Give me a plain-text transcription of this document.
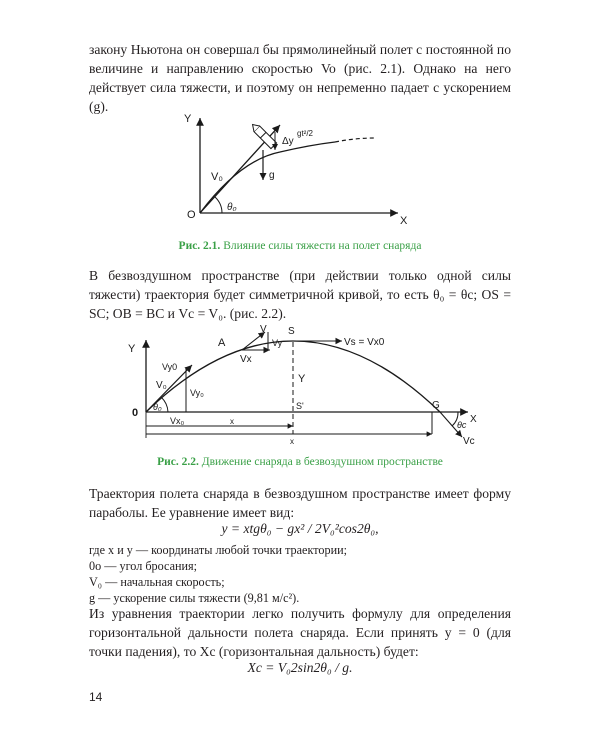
закону Ньютона он совершал бы прямолинейный полет с постоянной по величине и направлению скоростью Vo (рис. 2.1). Однако на него действует сила тяжести, и поэтому он непременно падает с ускорением (g).

Y
X
O
V₀
θ₀
Δy
g
gt²/2

Рис. 2.1. Влияние силы тяжести на полет снаряда

В безвоздушном пространстве (при действии только одной силы тяжести) траектория будет симметричной кривой, то есть θ₀ = θc; OS = SC; OB = BC и Vc = V₀. (рис. 2.2).

Y
X
0
V
A
S
Vs = Vx0
Vy0
V₀
Vx
Vy
Vy₀
Y
S'	G
θ₀
θc
Vc
Vx₀	x
x

Рис. 2.2. Движение снаряда в безвоздушном пространстве

Траектория полета снаряда в безвоздушном пространстве имеет форму параболы. Ее уравнение имеет вид:

y = xtgθ₀ − gx² / 2V₀²cos2θ₀,

где x и y — координаты любой точки траектории;

0o — угол бросания;

V₀ — начальная скорость;

g — ускорение силы тяжести (9,81 м/с²).

Из уравнения траектории легко получить формулу для определения горизонтальной дальности полета снаряда. Если принять y = 0 (для точки падения), то Xc (горизонтальная дальность) будет:

Xc = V₀2sin2θ₀ / g.
14
